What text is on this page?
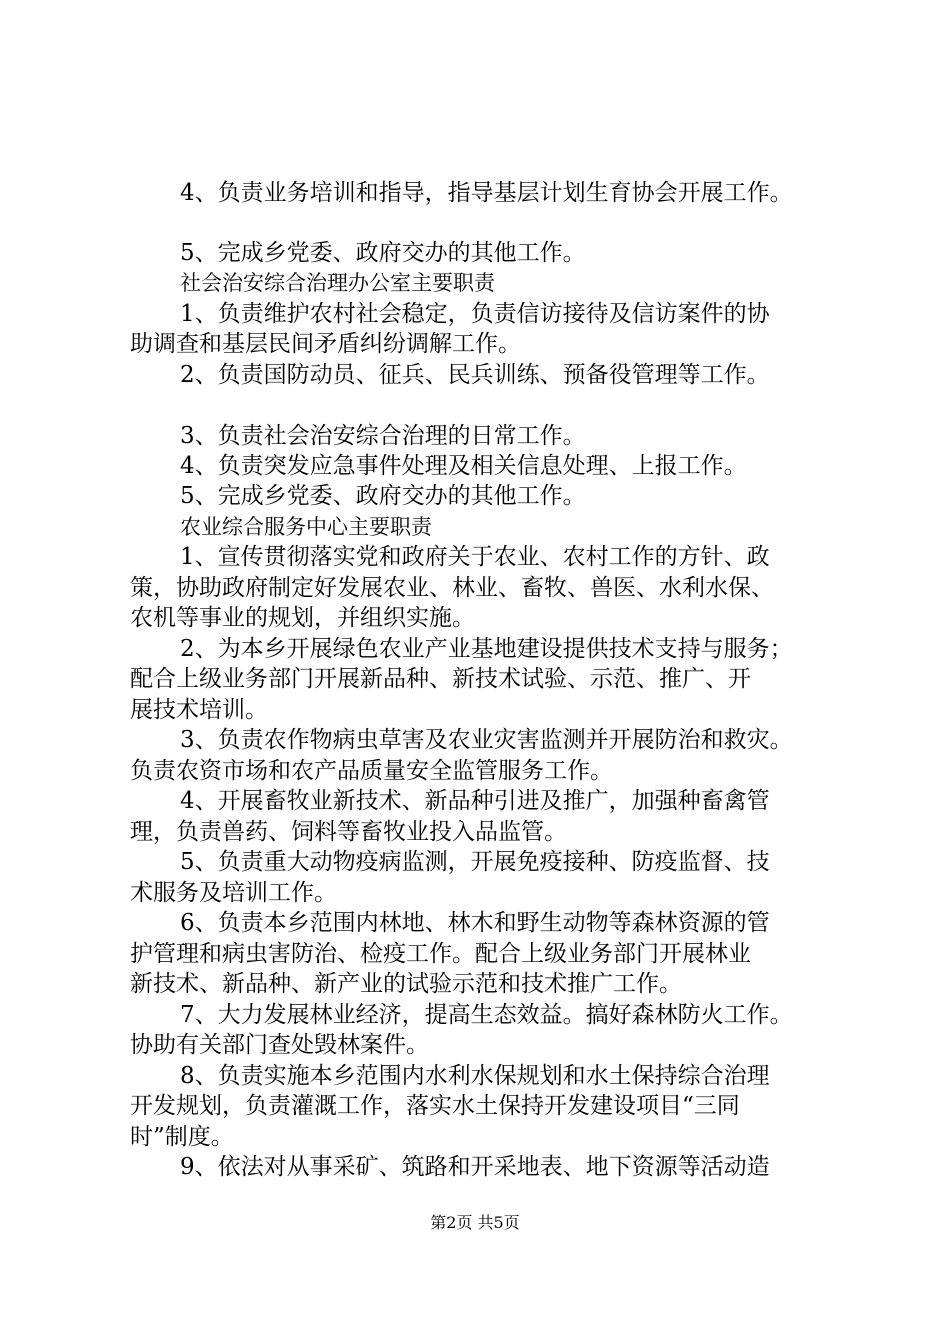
4、负责业务培训和指导，指导基层计划生育协会开展工作。
5、完成乡党委、政府交办的其他工作。
社会治安综合治理办公室主要职责
1、负责维护农村社会稳定，负责信访接待及信访案件的协
助调查和基层民间矛盾纠纷调解工作。
2、负责国防动员、征兵、民兵训练、预备役管理等工作。
3、负责社会治安综合治理的日常工作。
4、负责突发应急事件处理及相关信息处理、上报工作。
5、完成乡党委、政府交办的其他工作。
农业综合服务中心主要职责
1、宣传贯彻落实党和政府关于农业、农村工作的方针、政
策，协助政府制定好发展农业、林业、畜牧、兽医、水利水保、
农机等事业的规划，并组织实施。
2、为本乡开展绿色农业产业基地建设提供技术支持与服务；
配合上级业务部门开展新品种、新技术试验、示范、推广、开
展技术培训。
3、负责农作物病虫草害及农业灾害监测并开展防治和救灾。
负责农资市场和农产品质量安全监管服务工作。
4、开展畜牧业新技术、新品种引进及推广，加强种畜禽管
理，负责兽药、饲料等畜牧业投入品监管。
5、负责重大动物疫病监测，开展免疫接种、防疫监督、技
术服务及培训工作。
6、负责本乡范围内林地、林木和野生动物等森林资源的管
护管理和病虫害防治、检疫工作。配合上级业务部门开展林业
新技术、新品种、新产业的试验示范和技术推广工作。
7、大力发展林业经济，提高生态效益。搞好森林防火工作。
协助有关部门查处毁林案件。
8、负责实施本乡范围内水利水保规划和水土保持综合治理
开发规划，负责灌溉工作，落实水土保持开发建设项目“三同
时”制度。
9、依法对从事采矿、筑路和开采地表、地下资源等活动造
第2页 共5页
